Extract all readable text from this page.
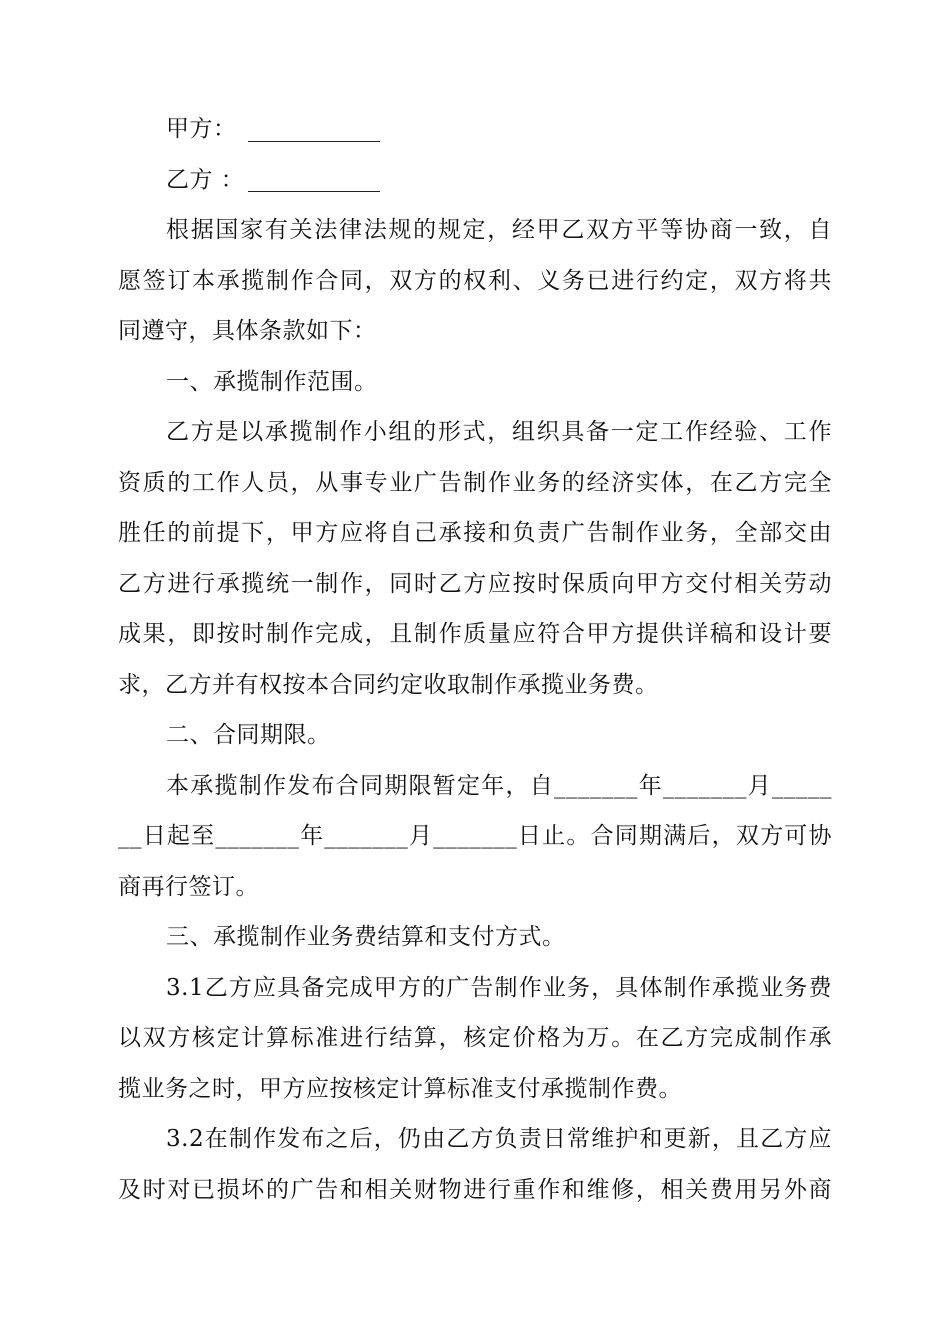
甲方：
乙方 ：
根据国家有关法律法规的规定，经甲乙双方平等协商一致，自
愿签订本承揽制作合同，双方的权利、义务已进行约定，双方将共
同遵守，具体条款如下：
一、承揽制作范围。
乙方是以承揽制作小组的形式，组织具备一定工作经验、工作
资质的工作人员，从事专业广告制作业务的经济实体，在乙方完全
胜任的前提下，甲方应将自己承接和负责广告制作业务，全部交由
乙方进行承揽统一制作，同时乙方应按时保质向甲方交付相关劳动
成果，即按时制作完成，且制作质量应符合甲方提供详稿和设计要
求，乙方并有权按本合同约定收取制作承揽业务费。
二、合同期限。
本承揽制作发布合同期限暂定年，自_______年_______月_____
__日起至_______年_______月_______日止。合同期满后，双方可协
商再行签订。
三、承揽制作业务费结算和支付方式。
3.1乙方应具备完成甲方的广告制作业务，具体制作承揽业务费
以双方核定计算标准进行结算，核定价格为万。在乙方完成制作承
揽业务之时，甲方应按核定计算标准支付承揽制作费。
3.2在制作发布之后，仍由乙方负责日常维护和更新，且乙方应
及时对已损坏的广告和相关财物进行重作和维修，相关费用另外商
